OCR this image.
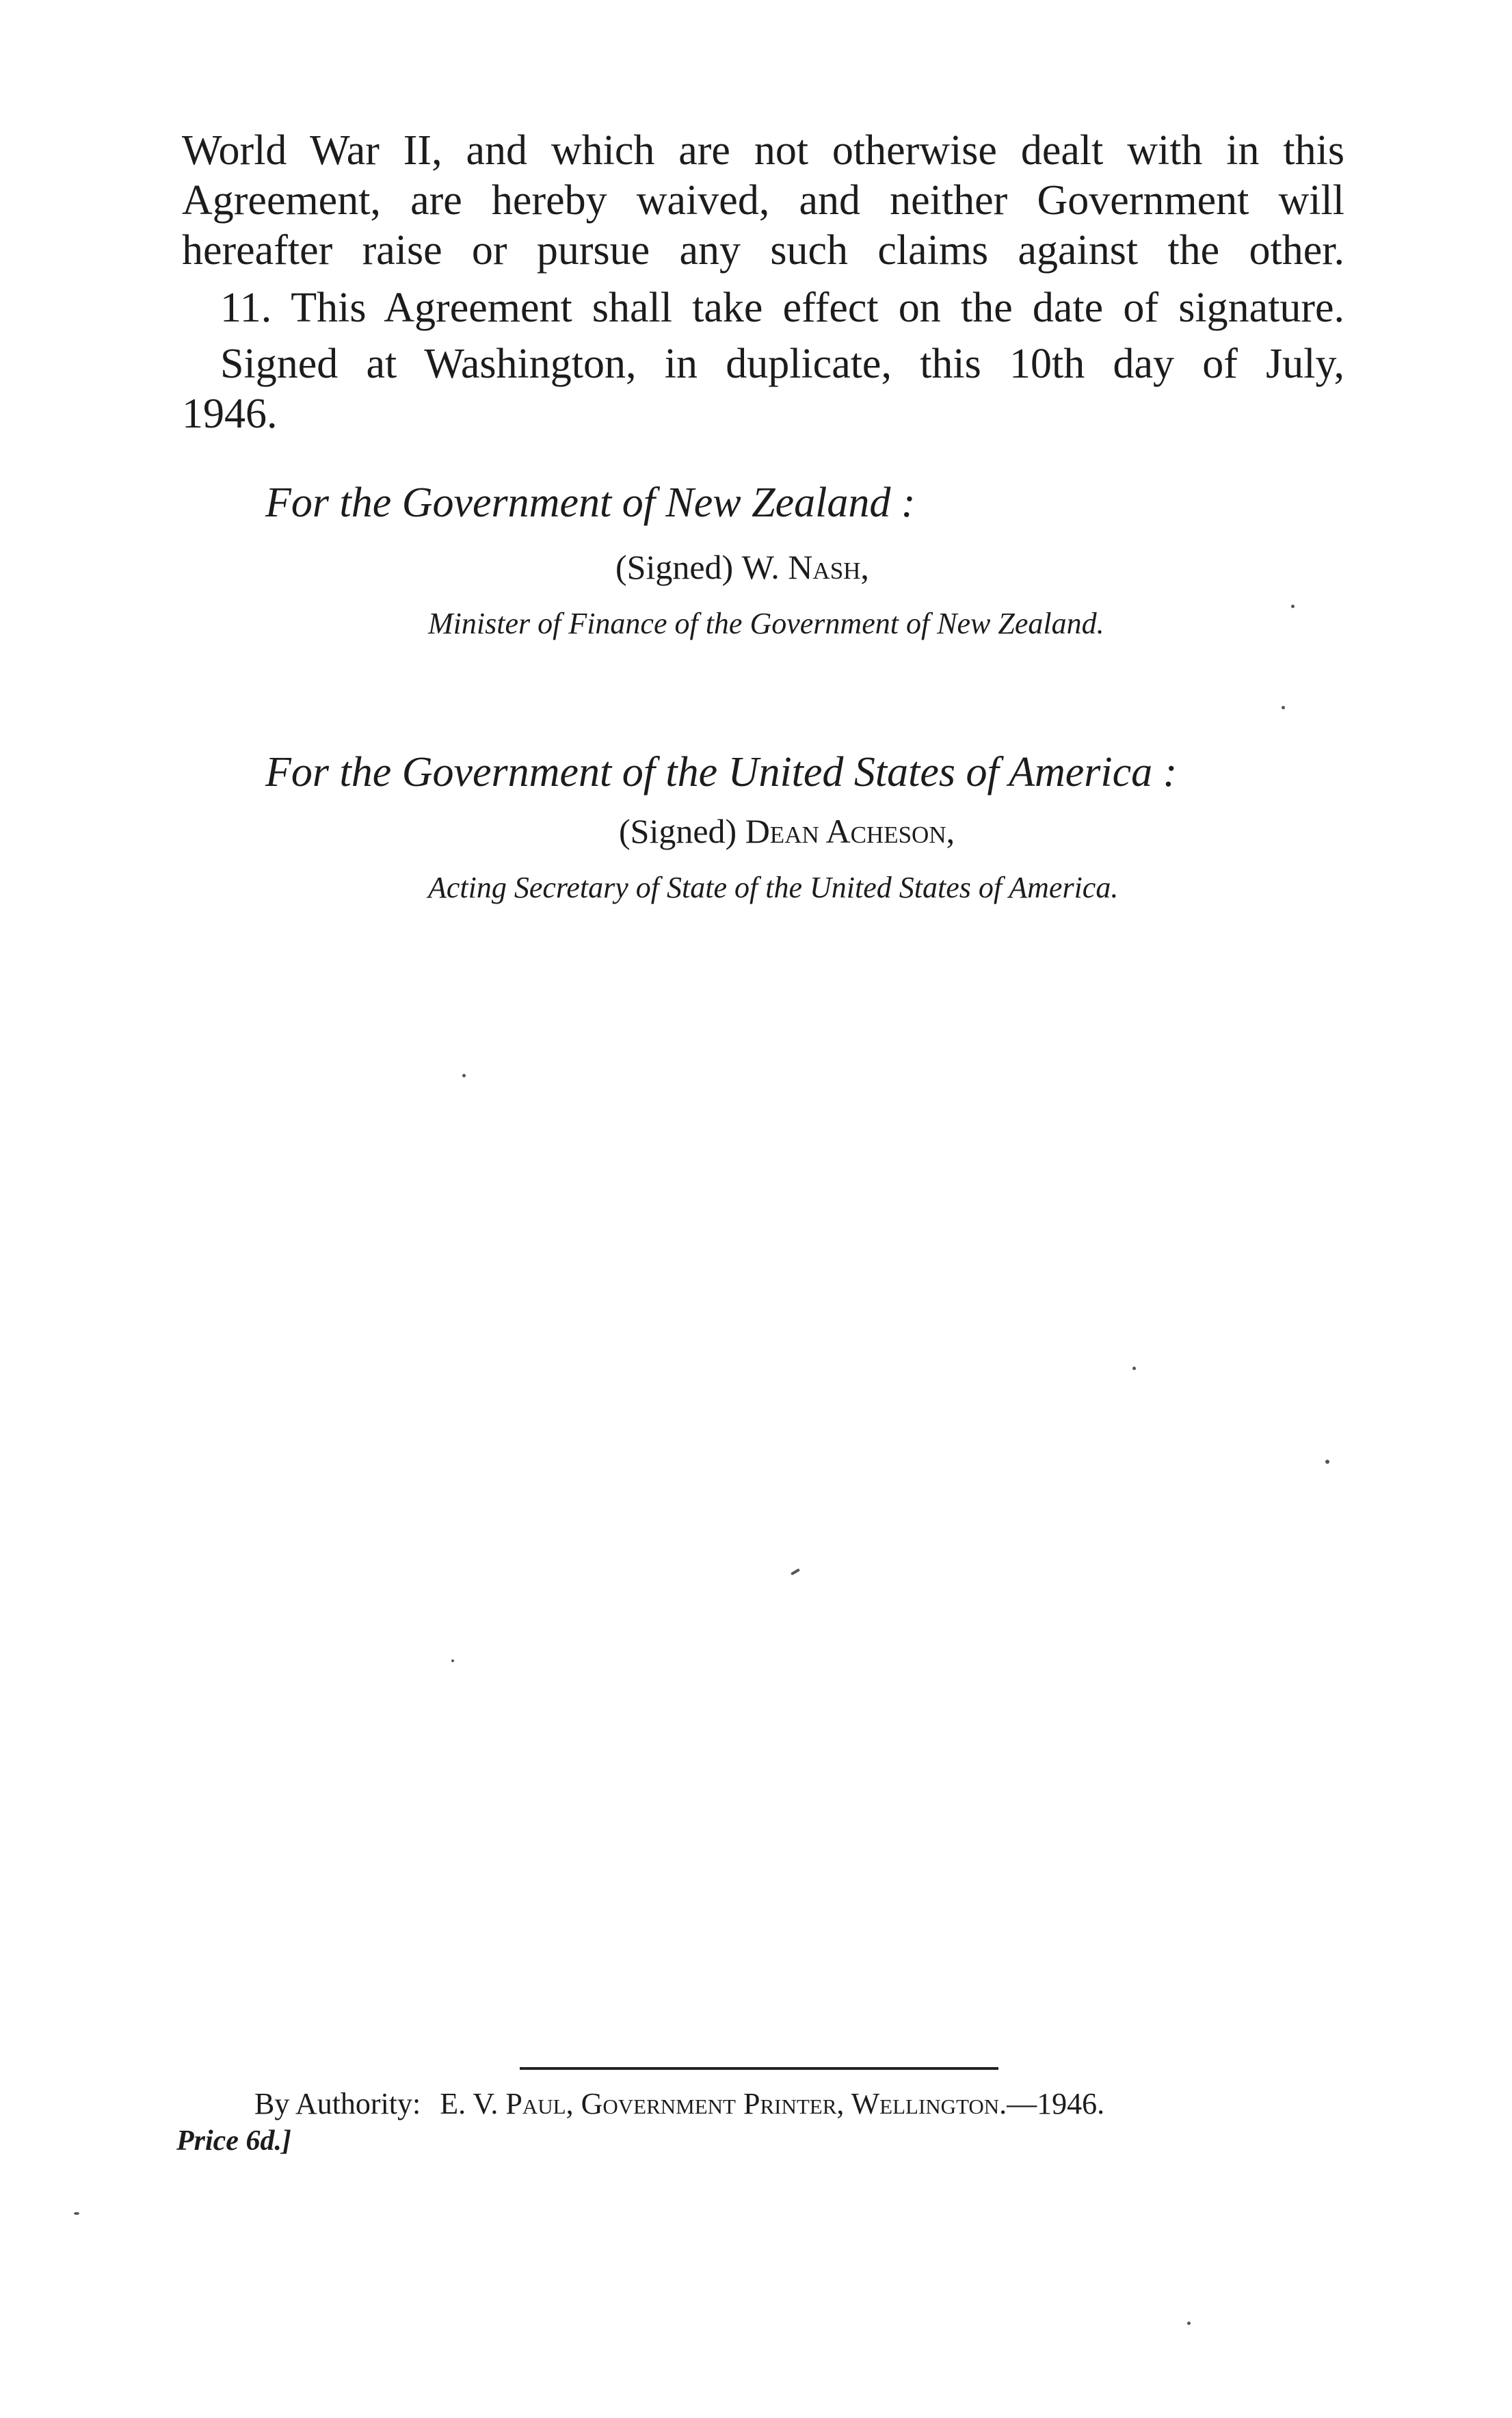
World War II, and which are not otherwise dealt with in this
Agreement, are hereby waived, and neither Government will
hereafter raise or pursue any such claims against the other.
11. This Agreement shall take effect on the date of signature.
Signed at Washington, in duplicate, this 10th day of July,
1946.
For the Government of New Zealand :
(Signed) W. Nash,
Minister of Finance of the Government of New Zealand.
For the Government of the United States of America :
(Signed) Dean Acheson,
Acting Secretary of State of the United States of America.
By Authority: E. V. Paul, Government Printer, Wellington.—1946.
Price 6d.]
